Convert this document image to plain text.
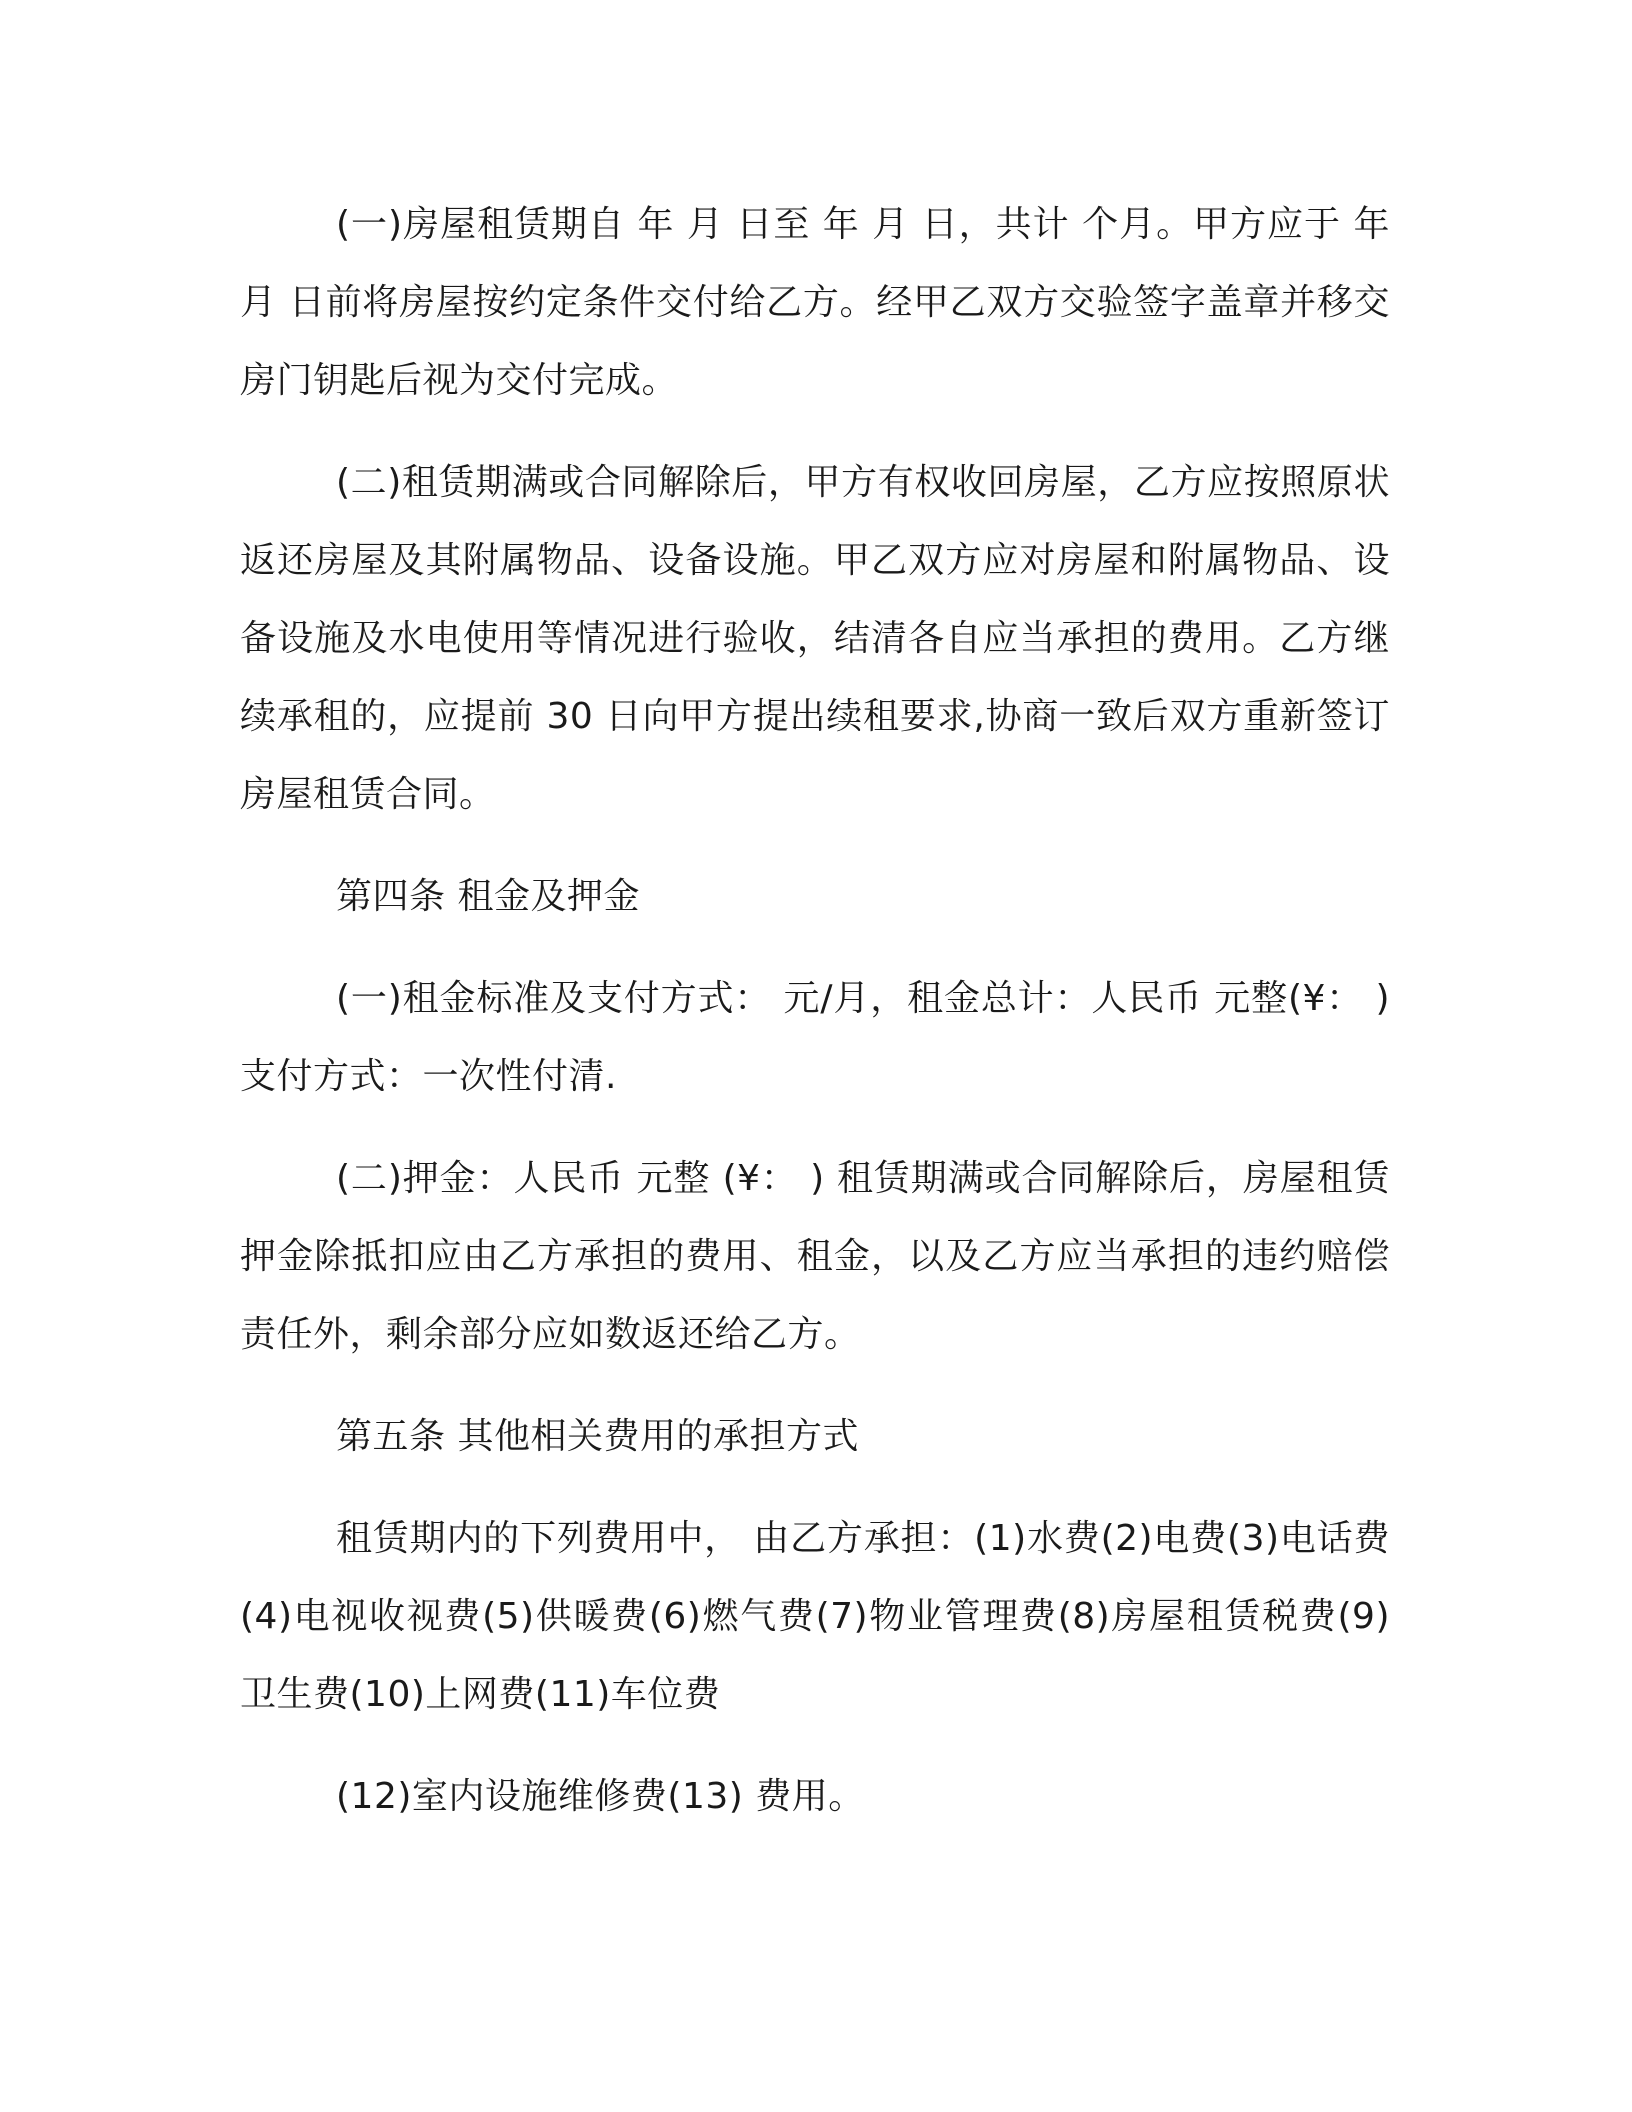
(一)房屋租赁期自 年 月 日至 年 月 日，共计 个月。甲方应于 年 月 日前将房屋按约定条件交付给乙方。经甲乙双方交验签字盖章并移交房门钥匙后视为交付完成。

(二)租赁期满或合同解除后，甲方有权收回房屋，乙方应按照原状返还房屋及其附属物品、设备设施。甲乙双方应对房屋和附属物品、设备设施及水电使用等情况进行验收，结清各自应当承担的费用。乙方继续承租的，应提前 30 日向甲方提出续租要求,协商一致后双方重新签订房屋租赁合同。

第四条 租金及押金

(一)租金标准及支付方式： 元/月，租金总计：人民币 元整(¥： ) 支付方式：一次性付清.

(二)押金：人民币 元整 (¥： ) 租赁期满或合同解除后，房屋租赁押金除抵扣应由乙方承担的费用、租金，以及乙方应当承担的违约赔偿责任外，剩余部分应如数返还给乙方。

第五条 其他相关费用的承担方式

租赁期内的下列费用中， 由乙方承担：(1)水费(2)电费(3)电话费(4)电视收视费(5)供暖费(6)燃气费(7)物业管理费(8)房屋租赁税费(9)卫生费(10)上网费(11)车位费

(12)室内设施维修费(13) 费用。
